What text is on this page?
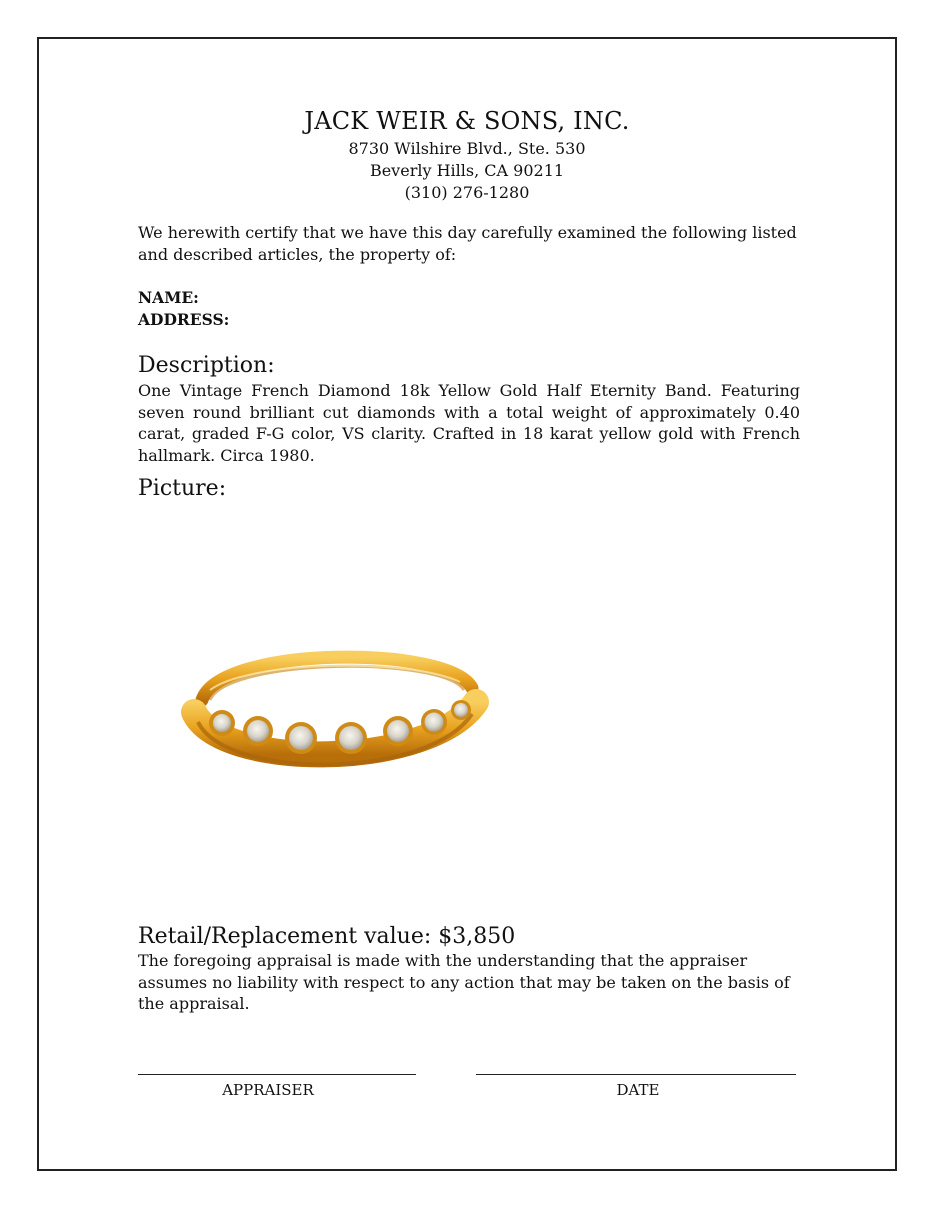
JACK WEIR & SONS, INC.
8730 Wilshire Blvd., Ste. 530
Beverly Hills, CA 90211
(310) 276-1280
We herewith certify that we have this day carefully examined the following listed and described articles, the property of:
NAME:
ADDRESS:
Description:
One Vintage French Diamond 18k Yellow Gold Half Eternity Band. Featuring seven round brilliant cut diamonds with a total weight of approximately 0.40 carat, graded F-G color, VS clarity. Crafted in 18 karat yellow gold with French hallmark. Circa 1980.
Picture:
Retail/Replacement value: $3,850
The foregoing appraisal is made with the understanding that the appraiser assumes no liability with respect to any action that may be taken on the basis of the appraisal.
APPRAISER	DATE
